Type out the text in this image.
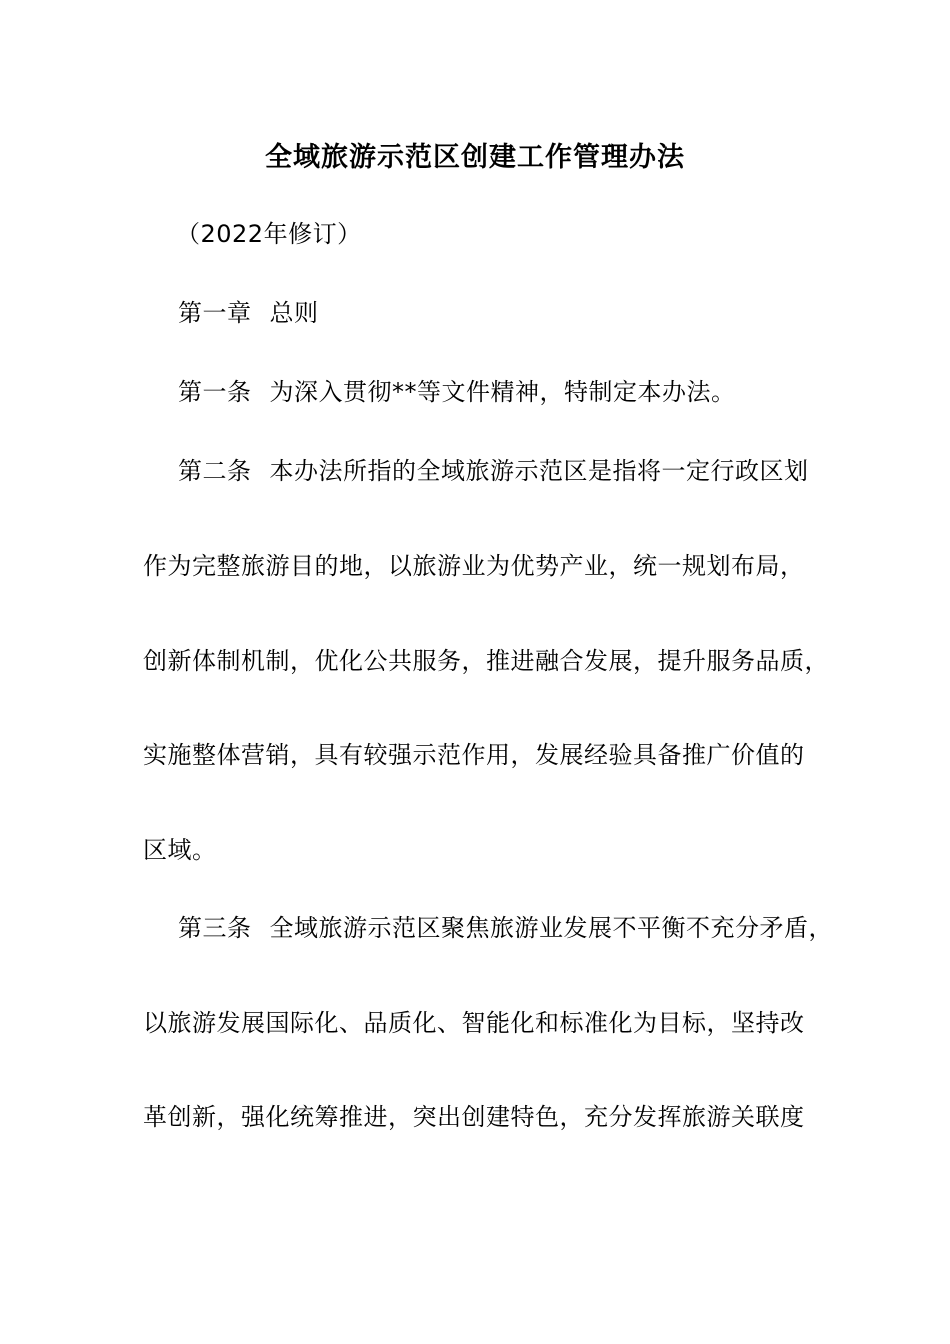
全域旅游示范区创建工作管理办法
（2022年修订）
第一章 总则
第一条 为深入贯彻**等文件精神，特制定本办法。
第二条 本办法所指的全域旅游示范区是指将一定行政区划
作为完整旅游目的地，以旅游业为优势产业，统一规划布局，
创新体制机制，优化公共服务，推进融合发展，提升服务品质，
实施整体营销，具有较强示范作用，发展经验具备推广价值的
区域。
第三条 全域旅游示范区聚焦旅游业发展不平衡不充分矛盾，
以旅游发展国际化、品质化、智能化和标准化为目标，坚持改
革创新，强化统筹推进，突出创建特色，充分发挥旅游关联度
